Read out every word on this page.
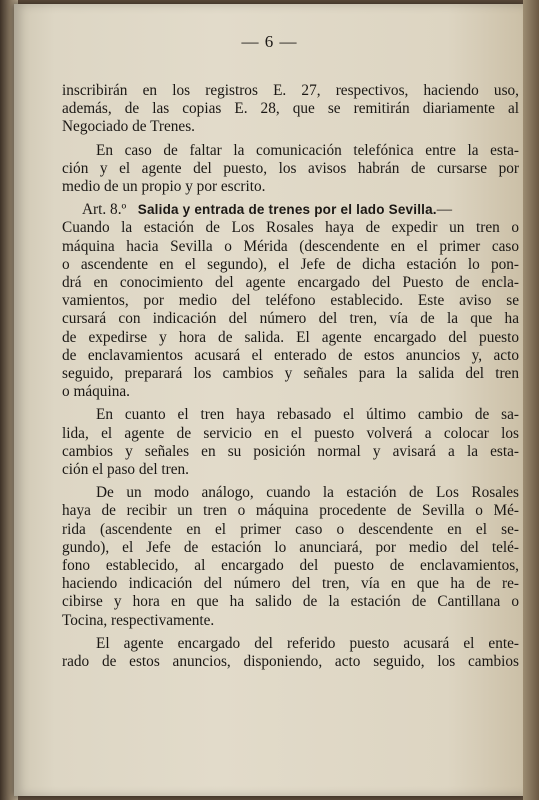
— 6 —

inscribirán en los registros E. 27, respectivos, haciendo uso,
además, de las copias E. 28, que se remitirán diariamente al
Negociado de Trenes.

En caso de faltar la comunicación telefónica entre la esta-
ción y el agente del puesto, los avisos habrán de cursarse por
medio de un propio y por escrito.

Art. 8.º Salida y entrada de trenes por el lado Sevilla.—
Cuando la estación de Los Rosales haya de expedir un tren o
máquina hacia Sevilla o Mérida (descendente en el primer caso
o ascendente en el segundo), el Jefe de dicha estación lo pon-
drá en conocimiento del agente encargado del Puesto de encla-
vamientos, por medio del teléfono establecido. Este aviso se
cursará con indicación del número del tren, vía de la que ha
de expedirse y hora de salida. El agente encargado del puesto
de enclavamientos acusará el enterado de estos anuncios y, acto
seguido, preparará los cambios y señales para la salida del tren
o máquina.

En cuanto el tren haya rebasado el último cambio de sa-
lida, el agente de servicio en el puesto volverá a colocar los
cambios y señales en su posición normal y avisará a la esta-
ción el paso del tren.

De un modo análogo, cuando la estación de Los Rosales
haya de recibir un tren o máquina procedente de Sevilla o Mé-
rida (ascendente en el primer caso o descendente en el se-
gundo), el Jefe de estación lo anunciará, por medio del telé-
fono establecido, al encargado del puesto de enclavamientos,
haciendo indicación del número del tren, vía en que ha de re-
cibirse y hora en que ha salido de la estación de Cantillana o
Tocina, respectivamente.

El agente encargado del referido puesto acusará el ente-
rado de estos anuncios, disponiendo, acto seguido, los cambios
